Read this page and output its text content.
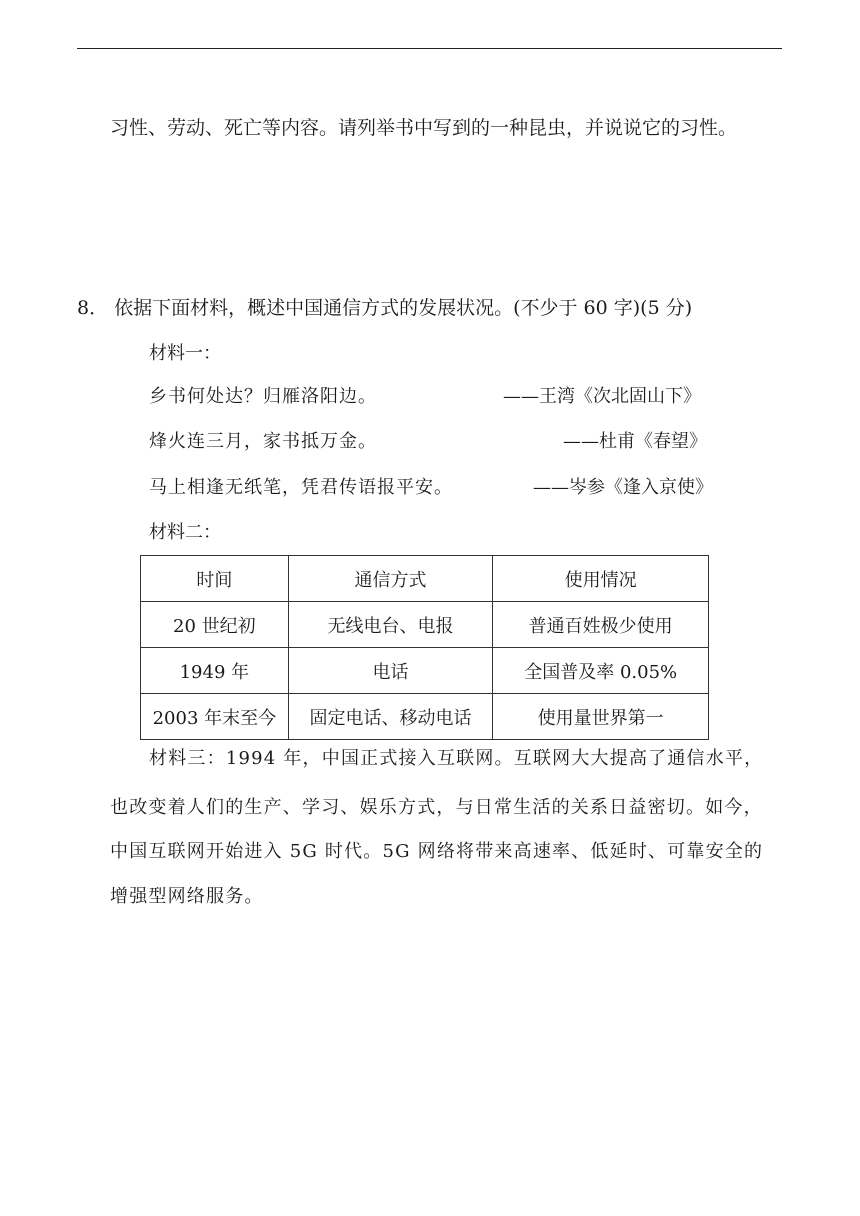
习性、劳动、死亡等内容。请列举书中写到的一种昆虫，并说说它的习性。
8． 依据下面材料，概述中国通信方式的发展状况。(不少于 60 字)(5 分)
材料一：
乡书何处达？归雁洛阳边。	——王湾《次北固山下》
烽火连三月，家书抵万金。	——杜甫《春望》
马上相逢无纸笔，凭君传语报平安。	——岑参《逢入京使》
材料二：
时间	通信方式	使用情况
20 世纪初	无线电台、电报	普通百姓极少使用
1949 年	电话	全国普及率 0.05%
2003 年末至今	固定电话、移动电话	使用量世界第一
材料三：1994 年，中国正式接入互联网。互联网大大提高了通信水平，
也改变着人们的生产、学习、娱乐方式，与日常生活的关系日益密切。如今，
中国互联网开始进入 5G 时代。5G 网络将带来高速率、低延时、可靠安全的
增强型网络服务。
